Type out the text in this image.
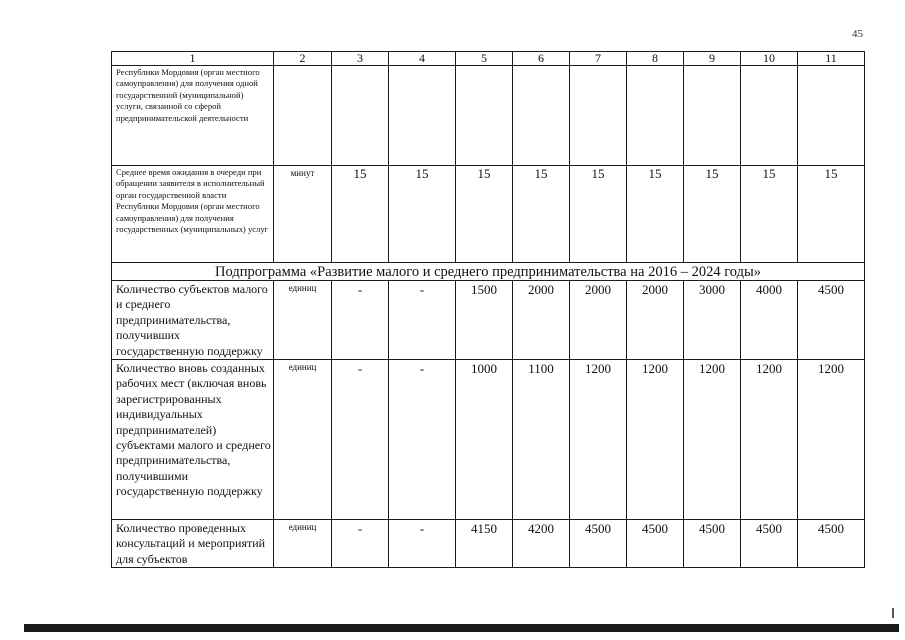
45
1	2	3	4	5	6	7	8	9	10	11
Республики Мордовия (орган местного самоуправления) для получения одной государственной (муниципальной) услуги, связанной со сферой предпринимательской деятельности										
Среднее время ожидания в очереди при обращении заявителя в исполнительный орган государственной власти Республики Мордовия (орган местного самоуправления) для получения государственных (муниципальных) услуг	минут	15	15	15	15	15	15	15	15	15
Подпрограмма «Развитие малого и среднего предпринимательства на 2016 – 2024 годы»										
Количество субъектов малого и среднего предпринимательства, получивших государственную поддержку	единиц	-	-	1500	2000	2000	2000	3000	4000	4500
Количество вновь созданных рабочих мест (включая вновь зарегистрированных индивидуальных предпринимателей) субъектами малого и среднего предпринимательства, получившими государственную поддержку	единиц	-	-	1000	1100	1200	1200	1200	1200	1200
Количество проведенных консультаций и мероприятий для субъектов	единиц	-	-	4150	4200	4500	4500	4500	4500	4500
